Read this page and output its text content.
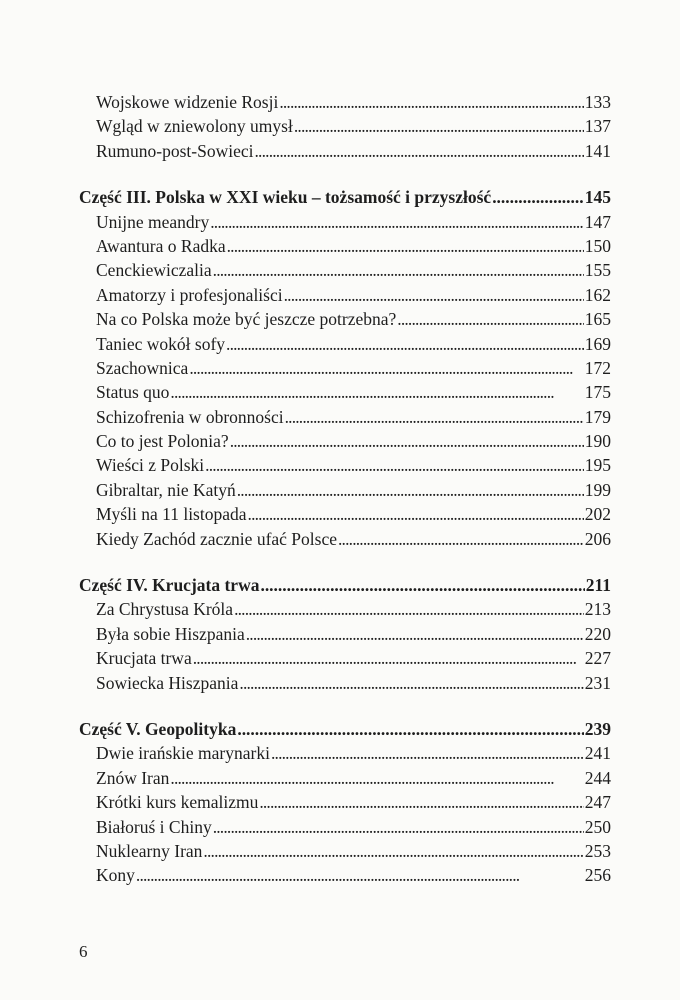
Wojskowe widzenie Rosji . . .	133
Wgląd w zniewolony umysł . . .	137
Rumuno-post-Sowieci . . .	141
Część III. Polska w XXI wieku – tożsamość i przyszłość . . .	145
Unijne meandry . . .	147
Awantura o Radka . . .	150
Cenckiewiczalia . . .	155
Amatorzy i profesjonaliści . . .	162
Na co Polska może być jeszcze potrzebna? . . .	165
Taniec wokół sofy . . .	169
Szachownica . . .	172
Status quo . . .	175
Schizofrenia w obronności . . .	179
Co to jest Polonia? . . .	190
Wieści z Polski . . .	195
Gibraltar, nie Katyń . . .	199
Myśli na 11 listopada . . .	202
Kiedy Zachód zacznie ufać Polsce . . .	206
Część IV. Krucjata trwa . . .	211
Za Chrystusa Króla . . .	213
Była sobie Hiszpania . . .	220
Krucjata trwa . . .	227
Sowiecka Hiszpania . . .	231
Część V. Geopolityka . . .	239
Dwie irańskie marynarki . . .	241
Znów Iran . . .	244
Krótki kurs kemalizmu . . .	247
Białoruś i Chiny . . .	250
Nuklearny Iran . . .	253
Kony . . .	256
6
